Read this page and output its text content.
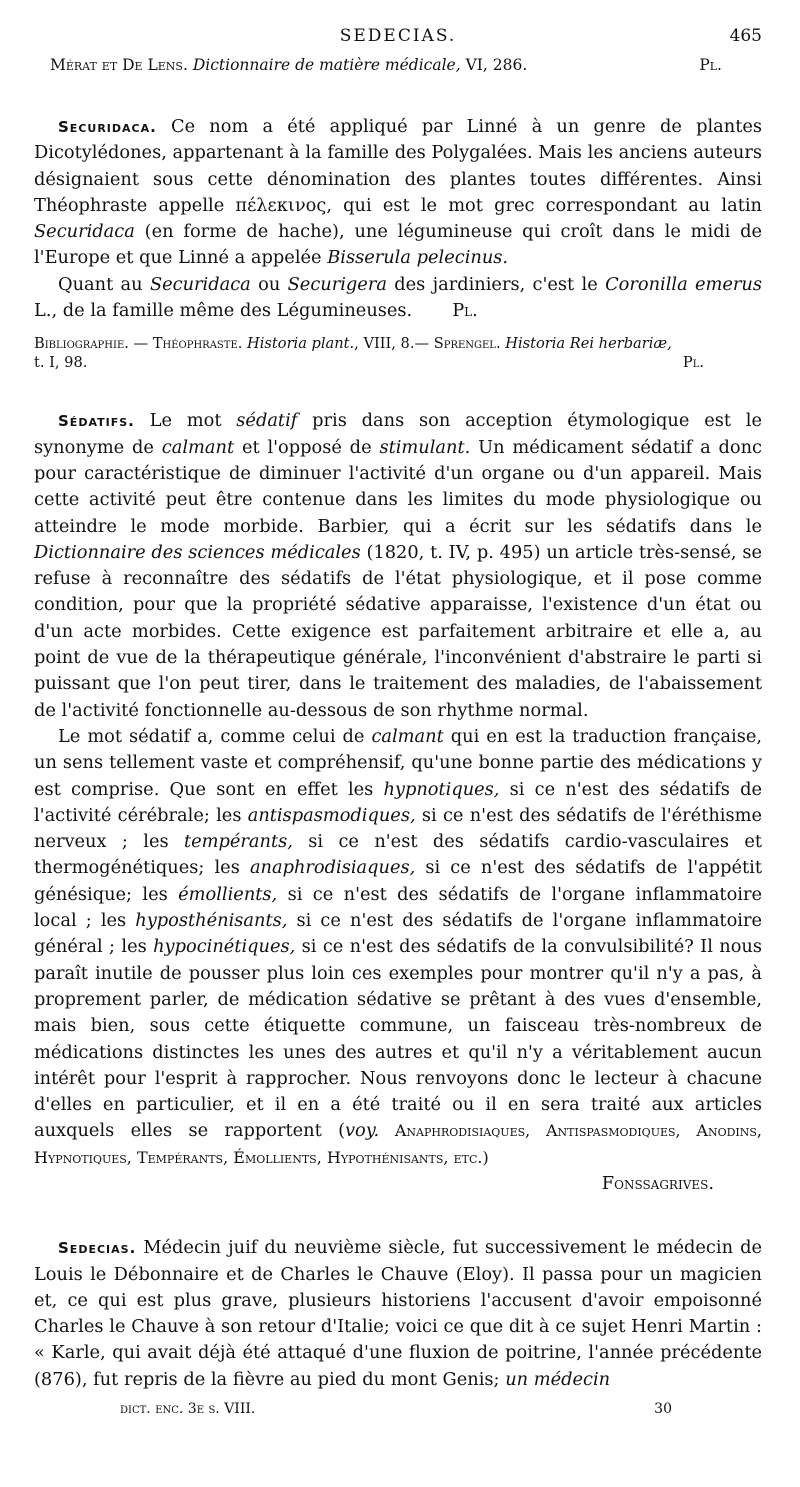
SEDECIAS.	465
Mérat et De Lens. Dictionnaire de matière médicale, VI, 286.	Pl.

Securidaca. Ce nom a été appliqué par Linné à un genre de plantes Dicotylédones, appartenant à la famille des Polygalées. Mais les anciens auteurs désignaient sous cette dénomination des plantes toutes différentes. Ainsi Théophraste appelle πέλεκινος, qui est le mot grec correspondant au latin Securidaca (en forme de hache), une légumineuse qui croît dans le midi de l'Europe et que Linné a appelée Bisserula pelecinus.

Quant au Securidaca ou Securigera des jardiniers, c'est le Coronilla emerus L., de la famille même des Légumineuses. Pl.

Bibliographie. — Théophraste. Historia plant., VIII, 8.— Sprengel. Historia Rei herbariæ,
t. I, 98.	Pl.

Sédatifs. Le mot sédatif pris dans son acception étymologique est le synonyme de calmant et l'opposé de stimulant. Un médicament sédatif a donc pour caractéristique de diminuer l'activité d'un organe ou d'un appareil. Mais cette activité peut être contenue dans les limites du mode physiologique ou atteindre le mode morbide. Barbier, qui a écrit sur les sédatifs dans le Dictionnaire des sciences médicales (1820, t. IV, p. 495) un article très-sensé, se refuse à reconnaître des sédatifs de l'état physiologique, et il pose comme condition, pour que la propriété sédative apparaisse, l'existence d'un état ou d'un acte morbides. Cette exigence est parfaitement arbitraire et elle a, au point de vue de la thérapeutique générale, l'inconvénient d'abstraire le parti si puissant que l'on peut tirer, dans le traitement des maladies, de l'abaissement de l'activité fonctionnelle au-dessous de son rhythme normal.

Le mot sédatif a, comme celui de calmant qui en est la traduction française, un sens tellement vaste et compréhensif, qu'une bonne partie des médications y est comprise. Que sont en effet les hypnotiques, si ce n'est des sédatifs de l'activité cérébrale; les antispasmodiques, si ce n'est des sédatifs de l'éréthisme nerveux ; les tempérants, si ce n'est des sédatifs cardio-vasculaires et thermogénétiques; les anaphrodisiaques, si ce n'est des sédatifs de l'appétit génésique; les émollients, si ce n'est des sédatifs de l'organe inflammatoire local ; les hyposthénisants, si ce n'est des sédatifs de l'organe inflammatoire général ; les hypocinétiques, si ce n'est des sédatifs de la convulsibilité? Il nous paraît inutile de pousser plus loin ces exemples pour montrer qu'il n'y a pas, à proprement parler, de médication sédative se prêtant à des vues d'ensemble, mais bien, sous cette étiquette commune, un faisceau très-nombreux de médications distinctes les unes des autres et qu'il n'y a véritablement aucun intérêt pour l'esprit à rapprocher. Nous renvoyons donc le lecteur à chacune d'elles en particulier, et il en a été traité ou il en sera traité aux articles auxquels elles se rapportent (voy. Anaphrodisiaques, Antispasmodiques, Anodins, Hypnotiques, Tempérants, Émollients, Hypothénisants, etc.)

Fonssagrives.

Sedecias. Médecin juif du neuvième siècle, fut successivement le médecin de Louis le Débonnaire et de Charles le Chauve (Eloy). Il passa pour un magicien et, ce qui est plus grave, plusieurs historiens l'accusent d'avoir empoisonné Charles le Chauve à son retour d'Italie; voici ce que dit à ce sujet Henri Martin : « Karle, qui avait déjà été attaqué d'une fluxion de poitrine, l'année précédente (876), fut repris de la fièvre au pied du mont Genis; un médecin

dict. enc. 3e s. VIII.	30
